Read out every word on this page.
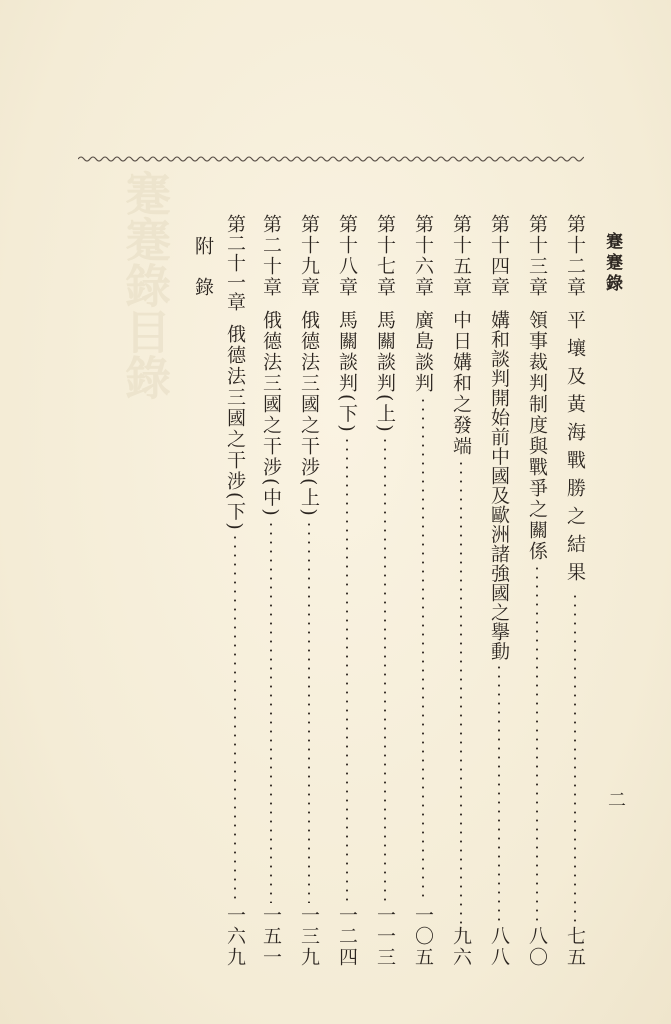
蹇蹇錄目錄	蹇蹇錄
二
第十二章
平壤及黃海戰勝之結果
七五
第十三章
領事裁判制度與戰爭之關係
八〇
第十四章
媾和談判開始前中國及歐洲諸強國之擧動
八八
第十五章
中日媾和之發端
九六
第十六章
廣島談判
一〇五
第十七章
馬關談判(上)
一一三
第十八章
馬關談判(下)
一二四
第十九章
俄德法三國之干涉(上)
一三九
第二十章
俄德法三國之干涉(中)
一五一
第二十一章
俄德法三國之干涉(下)
一六九
附錄
